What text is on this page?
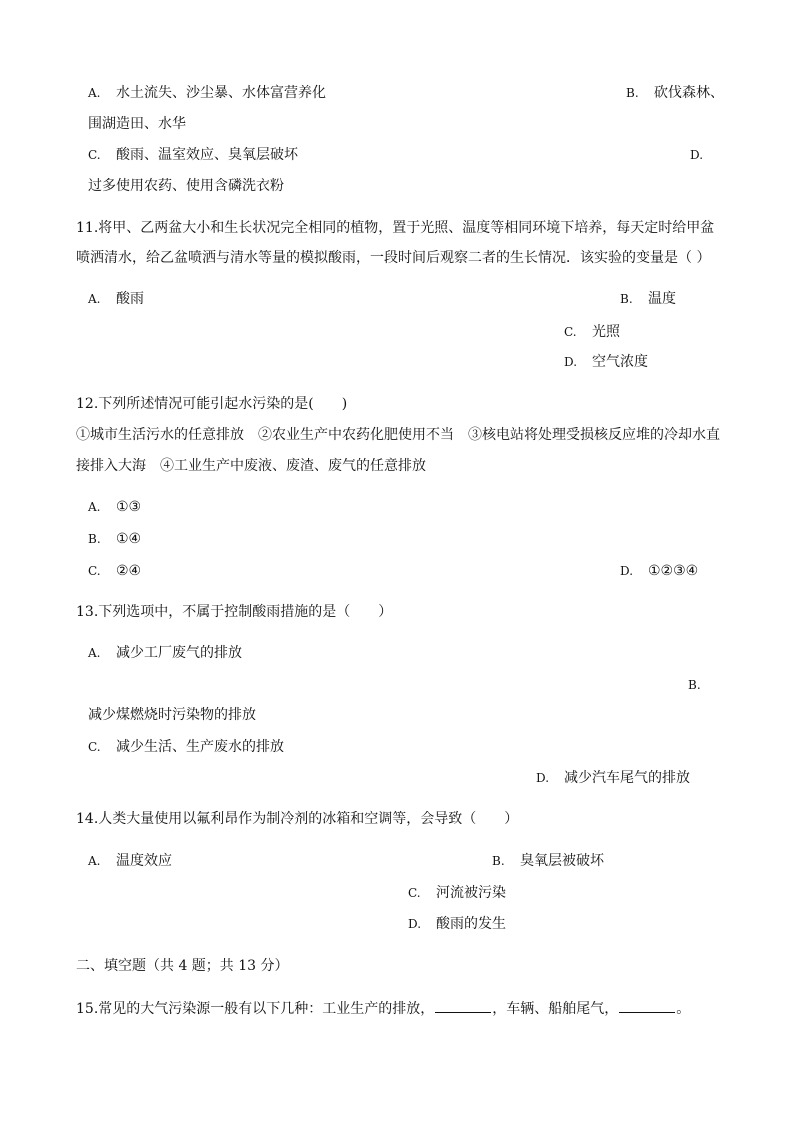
A. 水土流失、沙尘暴、水体富营养化	B. 砍伐森林、
围湖造田、水华
C. 酸雨、温室效应、臭氧层破坏	D.
过多使用农药、使用含磷洗衣粉
11.将甲、乙两盆大小和生长状况完全相同的植物，置于光照、温度等相同环境下培养，每天定时给甲盆
喷洒清水，给乙盆喷洒与清水等量的模拟酸雨，一段时间后观察二者的生长情况．该实验的变量是（ ）
A. 酸雨	B. 温度
C. 光照
D. 空气浓度
12.下列所述情况可能引起水污染的是(　　)
①城市生活污水的任意排放　②农业生产中农药化肥使用不当　③核电站将处理受损核反应堆的冷却水直
接排入大海　④工业生产中废液、废渣、废气的任意排放
A. ①③
B. ①④
C. ②④	D. ①②③④
13.下列选项中，不属于控制酸雨措施的是（　　）
A. 减少工厂废气的排放
B.
减少煤燃烧时污染物的排放
C. 减少生活、生产废水的排放
D. 减少汽车尾气的排放
14.人类大量使用以氟利昂作为制冷剂的冰箱和空调等，会导致（　　）
A. 温度效应	B. 臭氧层被破坏
C. 河流被污染
D. 酸雨的发生
二、填空题（共 4 题；共 13 分）
15.常见的大气污染源一般有以下几种：工业生产的排放，	，车辆、船舶尾气，	。
